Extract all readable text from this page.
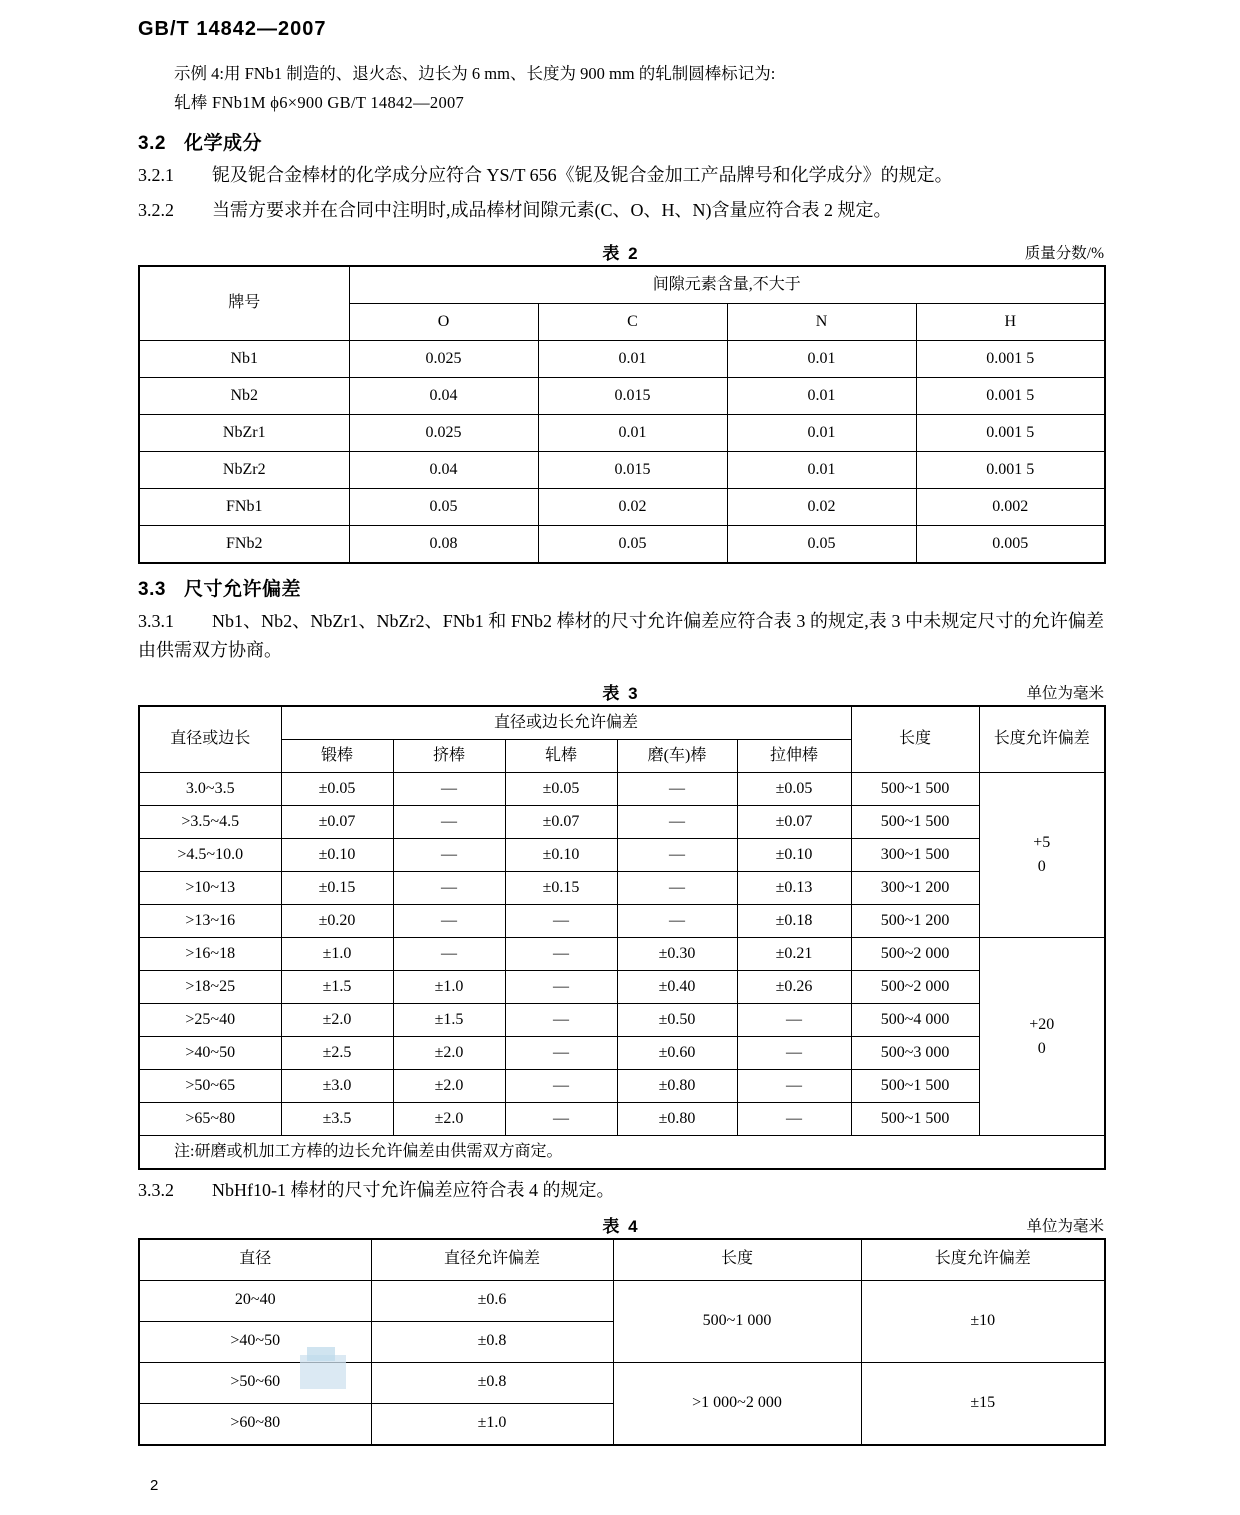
GB/T 14842—2007

示例 4:用 FNb1 制造的、退火态、边长为 6 mm、长度为 900 mm 的轧制圆棒标记为:

轧棒 FNb1M ϕ6×900 GB/T 14842—2007

3.2 化学成分

3.2.1 铌及铌合金棒材的化学成分应符合 YS/T 656《铌及铌合金加工产品牌号和化学成分》的规定。

3.2.2 当需方要求并在合同中注明时,成品棒材间隙元素(C、O、H、N)含量应符合表 2 规定。

表 2	质量分数/%
牌号	间隙元素含量,不大于			
	O	C	N	H
Nb1	0.025	0.01	0.01	0.001 5
Nb2	0.04	0.015	0.01	0.001 5
NbZr1	0.025	0.01	0.01	0.001 5
NbZr2	0.04	0.015	0.01	0.001 5
FNb1	0.05	0.02	0.02	0.002
FNb2	0.08	0.05	0.05	0.005
3.3 尺寸允许偏差

3.3.1 Nb1、Nb2、NbZr1、NbZr2、FNb1 和 FNb2 棒材的尺寸允许偏差应符合表 3 的规定,表 3 中未规定尺寸的允许偏差由供需双方协商。

表 3	单位为毫米
直径或边长	直径或边长允许偏差					长度	长度允许偏差
	锻棒	挤棒	轧棒	磨(车)棒	拉伸棒		
3.0~3.5	±0.05	—	±0.05	—	±0.05	500~1 500	+5
0

>3.5~4.5	±0.07	—	±0.07	—	±0.07	500~1 500	
>4.5~10.0	±0.10	—	±0.10	—	±0.10	300~1 500	
>10~13	±0.15	—	±0.15	—	±0.13	300~1 200	
>13~16	±0.20	—	—	—	±0.18	500~1 200	
>16~18	±1.0	—	—	±0.30	±0.21	500~2 000	+20
0

>18~25	±1.5	±1.0	—	±0.40	±0.26	500~2 000	
>25~40	±2.0	±1.5	—	±0.50	—	500~4 000	
>40~50	±2.5	±2.0	—	±0.60	—	500~3 000	
>50~65	±3.0	±2.0	—	±0.80	—	500~1 500	
>65~80	±3.5	±2.0	—	±0.80	—	500~1 500	
注:研磨或机加工方棒的边长允许偏差由供需双方商定。							

3.3.2 NbHf10-1 棒材的尺寸允许偏差应符合表 4 的规定。

表 4	单位为毫米
直径	直径允许偏差	长度	长度允许偏差
20~40	±0.6	500~1 000	±10
>40~50	±0.8		
>50~60	±0.8	>1 000~2 000	±15
>60~80	±1.0		
2
